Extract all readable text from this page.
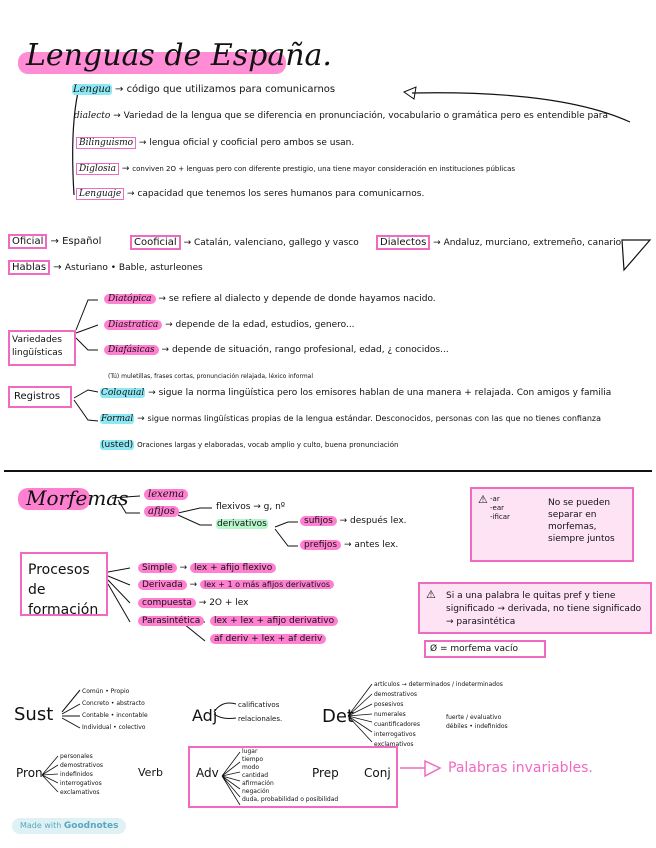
Lenguas de España.
Lengua → código que utilizamos para comunicarnos
dialecto → Variedad de la lengua que se diferencia en pronunciación, vocabulario o gramática pero es entendible para
Bilinguismo → lengua oficial y cooficial pero ambos se usan.
Diglosia → conviven 2O + lenguas pero con diferente prestigio, una tiene mayor consideración en instituciones públicas
Lenguaje → capacidad que tenemos los seres humanos para comunicarnos.
Oficial → Español	Cooficial → Catalán, valenciano, gallego y vasco	Dialectos → Andaluz, murciano, extremeño, canario
Hablas → Asturiano • Bable, asturleones
Variedades lingüísticas
Diatópica → se refiere al dialecto y depende de donde hayamos nacido.
Diastratica → depende de la edad, estudios, genero...
Diafásicas → depende de situación, rango profesional, edad, ¿ conocidos...
Registros
(Tú) muletillas, frases cortas, pronunciación relajada, léxico informal
Coloquial → sigue la norma lingüística pero los emisores hablan de una manera + relajada. Con amigos y familia
Formal → sigue normas lingüísticas propias de la lengua estándar. Desconocidos, personas con las que no tienes confianza
(usted) Oraciones largas y elaboradas, vocab amplio y culto, buena pronunciación
Morfemas	lexema
afijos	flexivos → g, nº
derivativos	sufijos → después lex.
prefijos → antes lex.
⚠ -ar
-ear
-ificar
No se pueden separar en morfemas, siempre juntos
Procesos de formación
Simple → lex + afijo flexivo
Derivada → lex + 1 o más afijos derivativos
compuesta → 2O + lex
Parasintética	lex + lex + afijo derivativo
af deriv + lex + af deriv
⚠ Si a una palabra le quitas pref y tiene significado → derivada, no tiene significado → parasintética
Ø = morfema vacío
Sust
Común • Propio
Concreto • abstracto
Contable • incontable
Individual • colectivo
Adj
calificativos
relacionales. Det
artículos → determinados / indeterminados
demostrativos
posesivos
numerales
cuantificadores
interrogativos
exclamativos
fuerte / evaluativo
débiles • indefinidos
Pron
personales
demostrativos
indefinidos
interrogativos
exclamativos
Verb	Adv
lugar
tiempo
modo
cantidad
afirmación
negación
duda, probabilidad o posibilidad
Prep Conj	Palabras invariables.
Made with Goodnotes
